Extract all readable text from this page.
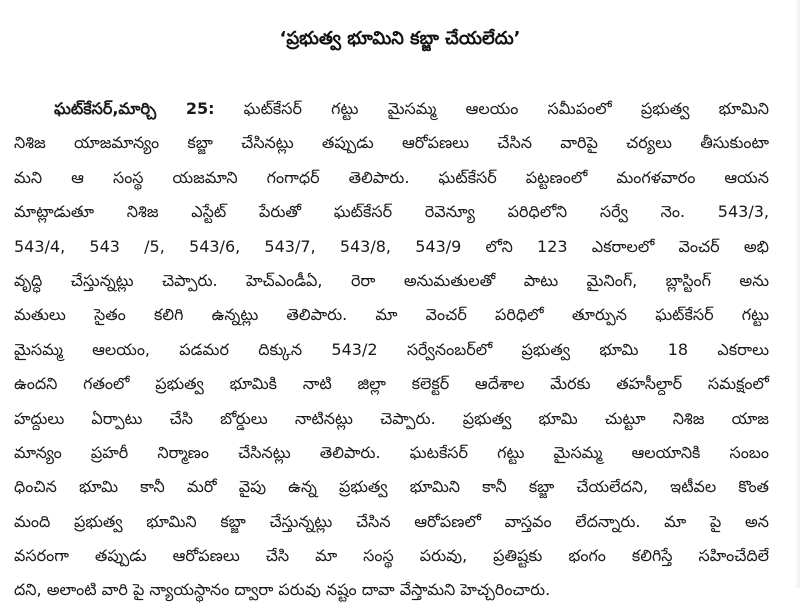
‘ప్రభుత్వ భూమిని కబ్జా చేయలేదు’
ఘట్‌కేసర్,మార్చి 25: ఘట్‌కేసర్ గట్టు మైసమ్మ ఆలయం సమీపంలో ప్రభుత్వ భూమిని
నిశిజ యాజమాన్యం కబ్జా చేసినట్లు తప్పుడు ఆరోపణలు చేసిన వారిపై చర్యలు తీసుకుంటా
మని ఆ సంస్థ యజమాని గంగాధర్ తెలిపారు. ఘట్‌కేసర్ పట్టణంలో మంగళవారం ఆయన
మాట్లాడుతూ నిశిజ ఎస్టేట్ పేరుతో ఘట్‌కేసర్ రెవెన్యూ పరిధిలోని సర్వే నెం. 543/3,
543/4, 543 /5, 543/6, 543/7, 543/8, 543/9 లోని 123 ఎకరాలలో వెంచర్ అభి
వృద్ధి చేస్తున్నట్లు చెప్పారు. హెచ్ఎండీఏ, రెరా అనుమతులతో పాటు మైనింగ్, బ్లాస్టింగ్ అను
మతులు సైతం కలిగి ఉన్నట్లు తెలిపారు. మా వెంచర్ పరిధిలో తూర్పున ఘట్‌కేసర్ గట్టు
మైసమ్మ ఆలయం, పడమర దిక్కున 543/2 సర్వేనంబర్‌లో ప్రభుత్వ భూమి 18 ఎకరాలు
ఉందని గతంలో ప్రభుత్వ భూమికి నాటి జిల్లా కలెక్టర్ ఆదేశాల మేరకు తహసీల్దార్ సమక్షంలో
హద్దులు ఏర్పాటు చేసి బోర్డులు నాటినట్లు చెప్పారు. ప్రభుత్వ భూమి చుట్టూ నిశిజ యాజ
మాన్యం ప్రహరీ నిర్మాణం చేసినట్లు తెలిపారు. ఘటకేసర్ గట్టు మైసమ్మ ఆలయానికి సంబం
ధించిన భూమి కానీ మరో వైపు ఉన్న ప్రభుత్వ భూమిని కానీ కబ్జా చేయలేదని, ఇటీవల కొంత
మంది ప్రభుత్వ భూమిని కబ్జా చేస్తున్నట్లు చేసిన ఆరోపణలో వాస్తవం లేదన్నారు. మా పై అన
వసరంగా తప్పుడు ఆరోపణలు చేసి మా సంస్థ పరువు, ప్రతిష్టకు భంగం కలిగిస్తే సహించేదిలే
దని, అలాంటి వారి పై న్యాయస్థానం ద్వారా పరువు నష్టం దావా వేస్తామని హెచ్చరించారు.
